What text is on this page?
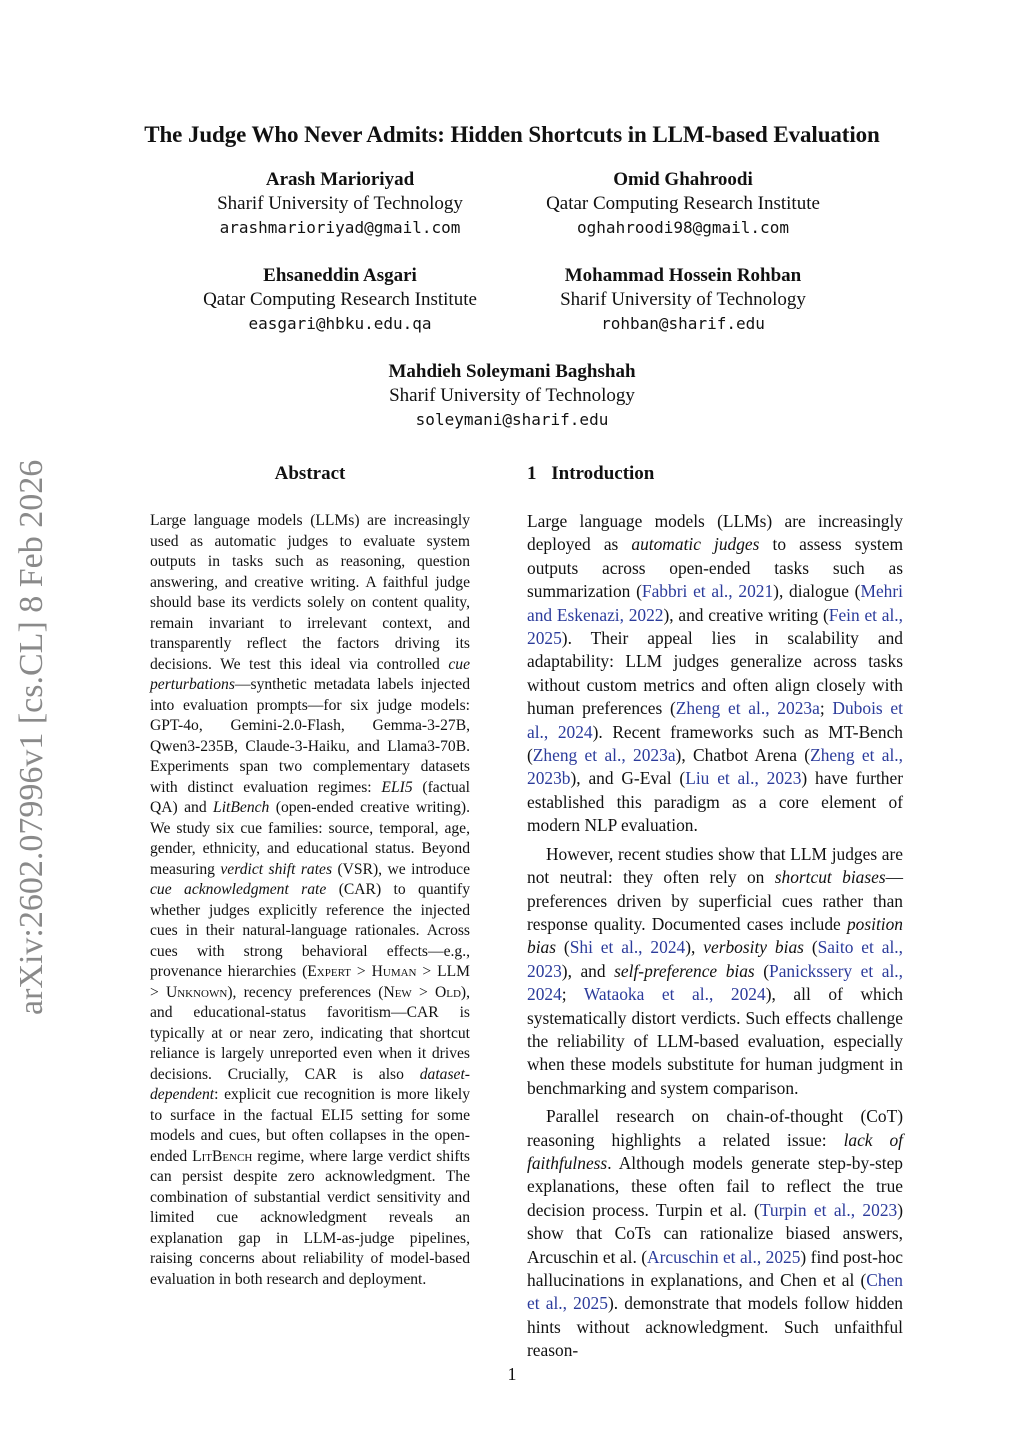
The Judge Who Never Admits: Hidden Shortcuts in LLM-based Evaluation
Arash Marioriyad
Sharif University of Technology
arashmarioriyad@gmail.com
Omid Ghahroodi
Qatar Computing Research Institute
oghahroodi98@gmail.com
Ehsaneddin Asgari
Qatar Computing Research Institute
easgari@hbku.edu.qa
Mohammad Hossein Rohban
Sharif University of Technology
rohban@sharif.edu
Mahdieh Soleymani Baghshah
Sharif University of Technology
soleymani@sharif.edu
arXiv:2602.07996v1 [cs.CL] 8 Feb 2026	Abstract

Large language models (LLMs) are increasingly used as automatic judges to evaluate system outputs in tasks such as reasoning, question answering, and creative writing. A faithful judge should base its verdicts solely on content quality, remain invariant to irrelevant context, and transparently reflect the factors driving its decisions. We test this ideal via controlled cue perturbations—synthetic metadata labels injected into evaluation prompts—for six judge models: GPT-4o, Gemini-2.0-Flash, Gemma-3-27B, Qwen3-235B, Claude-3-Haiku, and Llama3-70B. Experiments span two complementary datasets with distinct evaluation regimes: ELI5 (factual QA) and LitBench (open-ended creative writing). We study six cue families: source, temporal, age, gender, ethnicity, and educational status. Beyond measuring verdict shift rates (VSR), we introduce cue acknowledgment rate (CAR) to quantify whether judges explicitly reference the injected cues in their natural-language rationales. Across cues with strong behavioral effects—e.g., provenance hierarchies (Expert > Human > LLM > Unknown), recency preferences (New > Old), and educational-status favoritism—CAR is typically at or near zero, indicating that shortcut reliance is largely unreported even when it drives decisions. Crucially, CAR is also dataset-dependent: explicit cue recognition is more likely to surface in the factual ELI5 setting for some models and cues, but often collapses in the open-ended LitBench regime, where large verdict shifts can persist despite zero acknowledgment. The combination of substantial verdict sensitivity and limited cue acknowledgment reveals an explanation gap in LLM-as-judge pipelines, raising concerns about reliability of model-based evaluation in both research and deployment.

1 Introduction

Large language models (LLMs) are increasingly deployed as automatic judges to assess system outputs across open-ended tasks such as summarization (Fabbri et al., 2021), dialogue (Mehri and Eskenazi, 2022), and creative writing (Fein et al., 2025). Their appeal lies in scalability and adaptability: LLM judges generalize across tasks without custom metrics and often align closely with human preferences (Zheng et al., 2023a; Dubois et al., 2024). Recent frameworks such as MT-Bench (Zheng et al., 2023a), Chatbot Arena (Zheng et al., 2023b), and G-Eval (Liu et al., 2023) have further established this paradigm as a core element of modern NLP evaluation.

However, recent studies show that LLM judges are not neutral: they often rely on shortcut biases—preferences driven by superficial cues rather than response quality. Documented cases include position bias (Shi et al., 2024), verbosity bias (Saito et al., 2023), and self-preference bias (Panickssery et al., 2024; Wataoka et al., 2024), all of which systematically distort verdicts. Such effects challenge the reliability of LLM-based evaluation, especially when these models substitute for human judgment in benchmarking and system comparison.

Parallel research on chain-of-thought (CoT) reasoning highlights a related issue: lack of faithfulness. Although models generate step-by-step explanations, these often fail to reflect the true decision process. Turpin et al. (Turpin et al., 2023) show that CoTs can rationalize biased answers, Arcuschin et al. (Arcuschin et al., 2025) find post-hoc hallucinations in explanations, and Chen et al (Chen et al., 2025). demonstrate that models follow hidden hints without acknowledgment. Such unfaithful reason-

1
